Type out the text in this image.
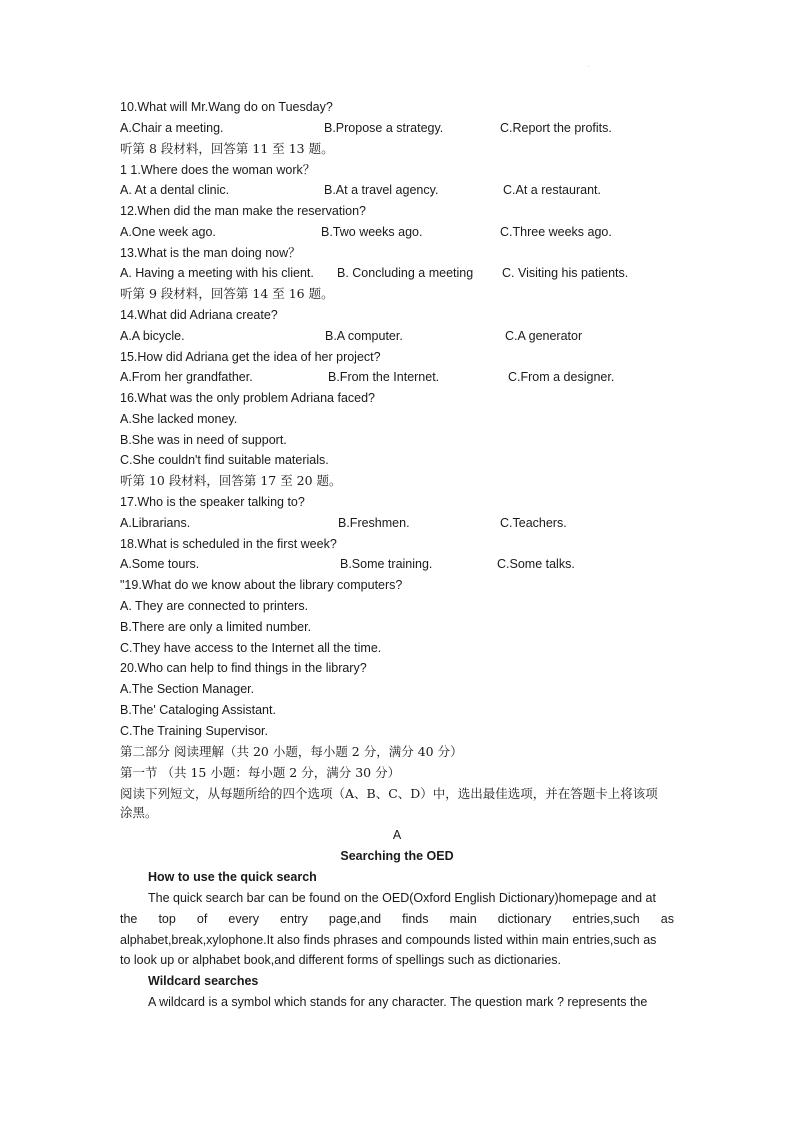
·
10.What will Mr.Wang do on Tuesday?
A.Chair a meeting.	B.Propose a strategy.	C.Report the profits.
听第 8 段材料，回答第 11 至 13 题。
1 1.Where does the woman work？
A. At a dental clinic.	B.At a travel agency.	C.At a restaurant.
12.When did the man make the reservation?
A.One week ago.	B.Two weeks ago.	C.Three weeks ago.
13.What is the man doing now？
A. Having a meeting with his client. B. Concluding a meeting C. Visiting his patients.
听第 9 段材料，回答第 14 至 16 题。
14.What did Adriana create?
A.A bicycle.	B.A computer.	C.A generator
15.How did Adriana get the idea of her project?
A.From her grandfather.	B.From the Internet.	C.From a designer.
16.What was the only problem Adriana faced?
A.She lacked money.
B.She was in need of support.
C.She couldn't find suitable materials.
听第 10 段材料，回答第 17 至 20 题。
17.Who is the speaker talking to?
A.Librarians.	B.Freshmen.	C.Teachers.
18.What is scheduled in the first week?
A.Some tours.	B.Some training.	C.Some talks.
"19.What do we know about the library computers?
A. They are connected to printers.
B.There are only a limited number.
C.They have access to the Internet all the time.
20.Who can help to find things in the library?
A.The Section Manager.
B.The' Cataloging Assistant.
C.The Training Supervisor.
第二部分 阅读理解（共 20 小题，每小题 2 分，满分 40 分）
第一节 （共 15 小题：每小题 2 分，满分 30 分）
阅读下列短文，从每题所给的四个选项（A、B、C、D）中，选出最佳选项，并在答题卡上将该项
涂黑。
A
Searching the OED
How to use the quick search
The quick search bar can be found on the OED(Oxford English Dictionary)homepage and at
the top of every entry page,and finds main dictionary entries,such as
alphabet,break,xylophone.It also finds phrases and compounds listed within main entries,such as
to look up or alphabet book,and different forms of spellings such as dictionaries.
Wildcard searches
A wildcard is a symbol which stands for any character. The question mark ? represents the
